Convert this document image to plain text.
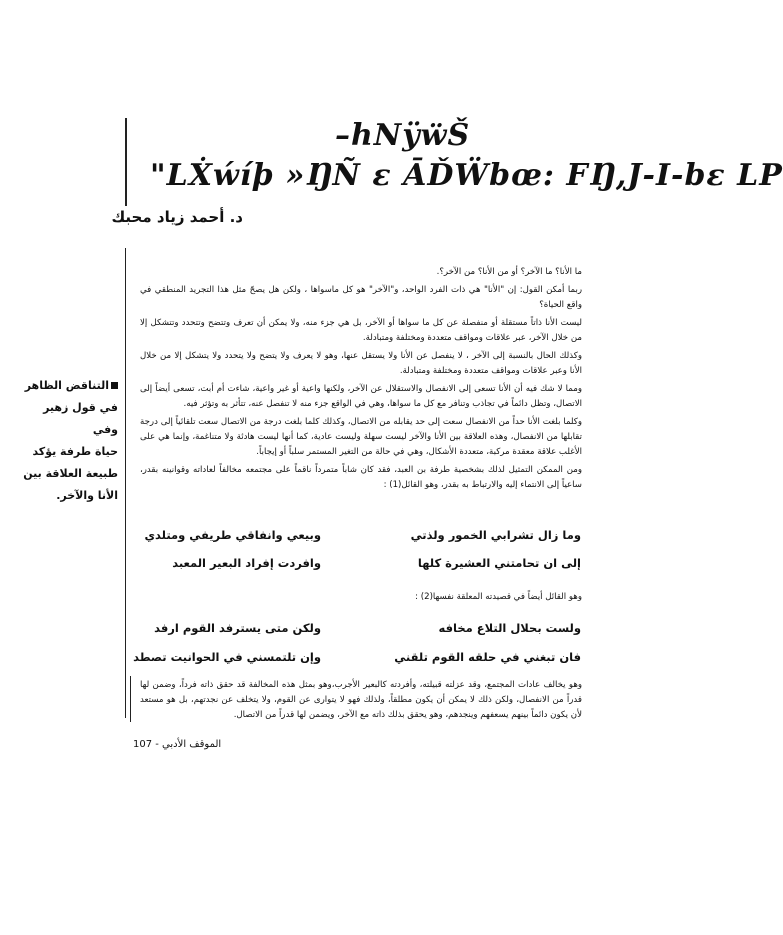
–hNÿẅŠ
"LẊẃíþ »ŊÑ ε ĀĎẄbœ: FŊ,J-I-bε LP
د. أحمد زياد محبك

ما الأنا؟ ما الآخر؟ أو من الأنا؟ من الآخر؟.

ربما أمكن القول: إن "الأنا" هي ذات الفرد الواحد، و"الآخر" هو كل ماسواها ، ولكن هل يصحّ مثل هذا التجريد المنطقي في واقع الحياة؟

ليست الأنا ذاتاً مستقلة أو منفصلة عن كل ما سواها أو الآخر، بل هي جزء منه، ولا يمكن أن تعرف وتتضح وتتحدد وتتشكل إلا من خلال الآخر، عبر علاقات ومواقف متعددة ومختلفة ومتبادلة.

وكذلك الحال بالنسبة إلى الآخر ، لا ينفصل عن الأنا ولا يستقل عنها، وهو لا يعرف ولا يتضح ولا يتحدد ولا يتشكل إلا من خلال الأنا وعبر علاقات ومواقف متعددة ومختلفة ومتبادلة.

ومما لا شك فيه أن الأنا تسعى إلى الانفصال والاستقلال عن الآخر، ولكنها واعية أو غير واعية، شاءت أم أبت، تسعى أيضاً إلى الاتصال، وتظل دائماً في تجاذب وتنافر مع كل ما سواها، وهي في الواقع جزء منه لا تنفصل عنه، تتأثر به وتؤثر فيه.

وكلما بلغت الأنا حداً من الانفصال سعت إلى حد يقابله من الاتصال، وكذلك كلما بلغت درجة من الاتصال سعت تلقائياً إلى درجة تقابلها من الانفصال، وهذه العلاقة بين الأنا والآخر ليست سهلة وليست عادية، كما أنها ليست هادئة ولا متناغمة، وإنما هي على الأغلب علاقة معقدة مركبة، متعددة الأشكال، وهي في حالة من التغير المستمر سلباً أو إيجاباً.

ومن الممكن التمثيل لذلك بشخصية طرفة بن العبد، فقد كان شاباً متمرداً ناقماً على مجتمعه مخالفاً لعاداته وقوانينه بقدر، ساعياً إلى الانتماء إليه والارتباط به بقدر، وهو القائل(1) :

التناقض الظاهر
في قول زهير وفي
حياة طرفة يؤكد
طبيعة العلاقة بين
الأنا والآخر.
وما زال تشرابي الخمور ولذتي
وبيعي وانفاقي طريفي ومتلدي
إلى ان تحامتني العشيرة كلها
وافردت إفراد البعير المعبد

وهو القائل أيضاً في قصيدته المعلقة نفسها(2) :

ولست بحلال التلاع مخافه
ولكن متى يسترفد القوم ارفد
فان تبغني في حلقه القوم تلقني
وإن تلتمسني في الحوانيت تصطد

وهو يخالف عادات المجتمع، وقد عزلته قبيلته، وأفردته كالبعير الأجرب،وهو بمثل هذه المخالفة قد حقق ذاته فرداً، وضمن لها قدراً من الانفصال، ولكن ذلك لا يمكن أن يكون مطلقاً، ولذلك فهو لا يتوارى عن القوم، ولا يتخلف عن نجدتهم، بل هو مستعد لأن يكون دائماً بينهم يسعفهم وينجدهم، وهو يحقق بذلك ذاته مع الآخر، ويضمن لها قدراً من الاتصال.

الموقف الأدبي - 107
